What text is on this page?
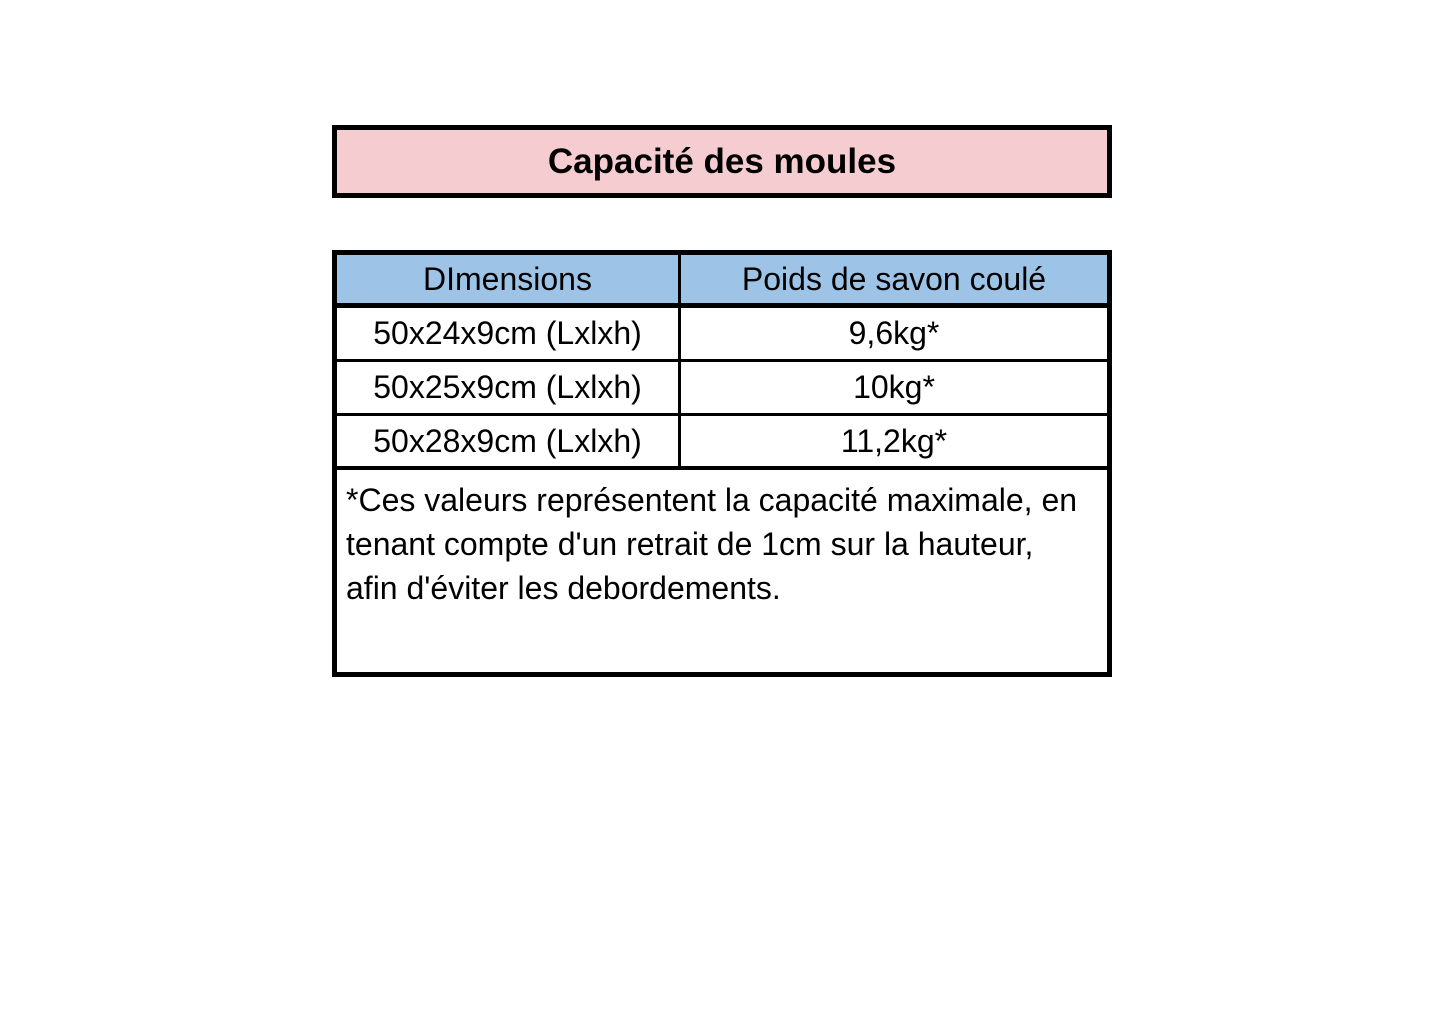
Capacité des moules
DImensions	Poids de savon coulé
50x24x9cm (Lxlxh)	9,6kg*
50x25x9cm (Lxlxh)	10kg*
50x28x9cm (Lxlxh)	11,2kg*
*Ces valeurs représentent la capacité maximale, en tenant compte d'un retrait de 1cm sur la hauteur, afin d'éviter les debordements.
